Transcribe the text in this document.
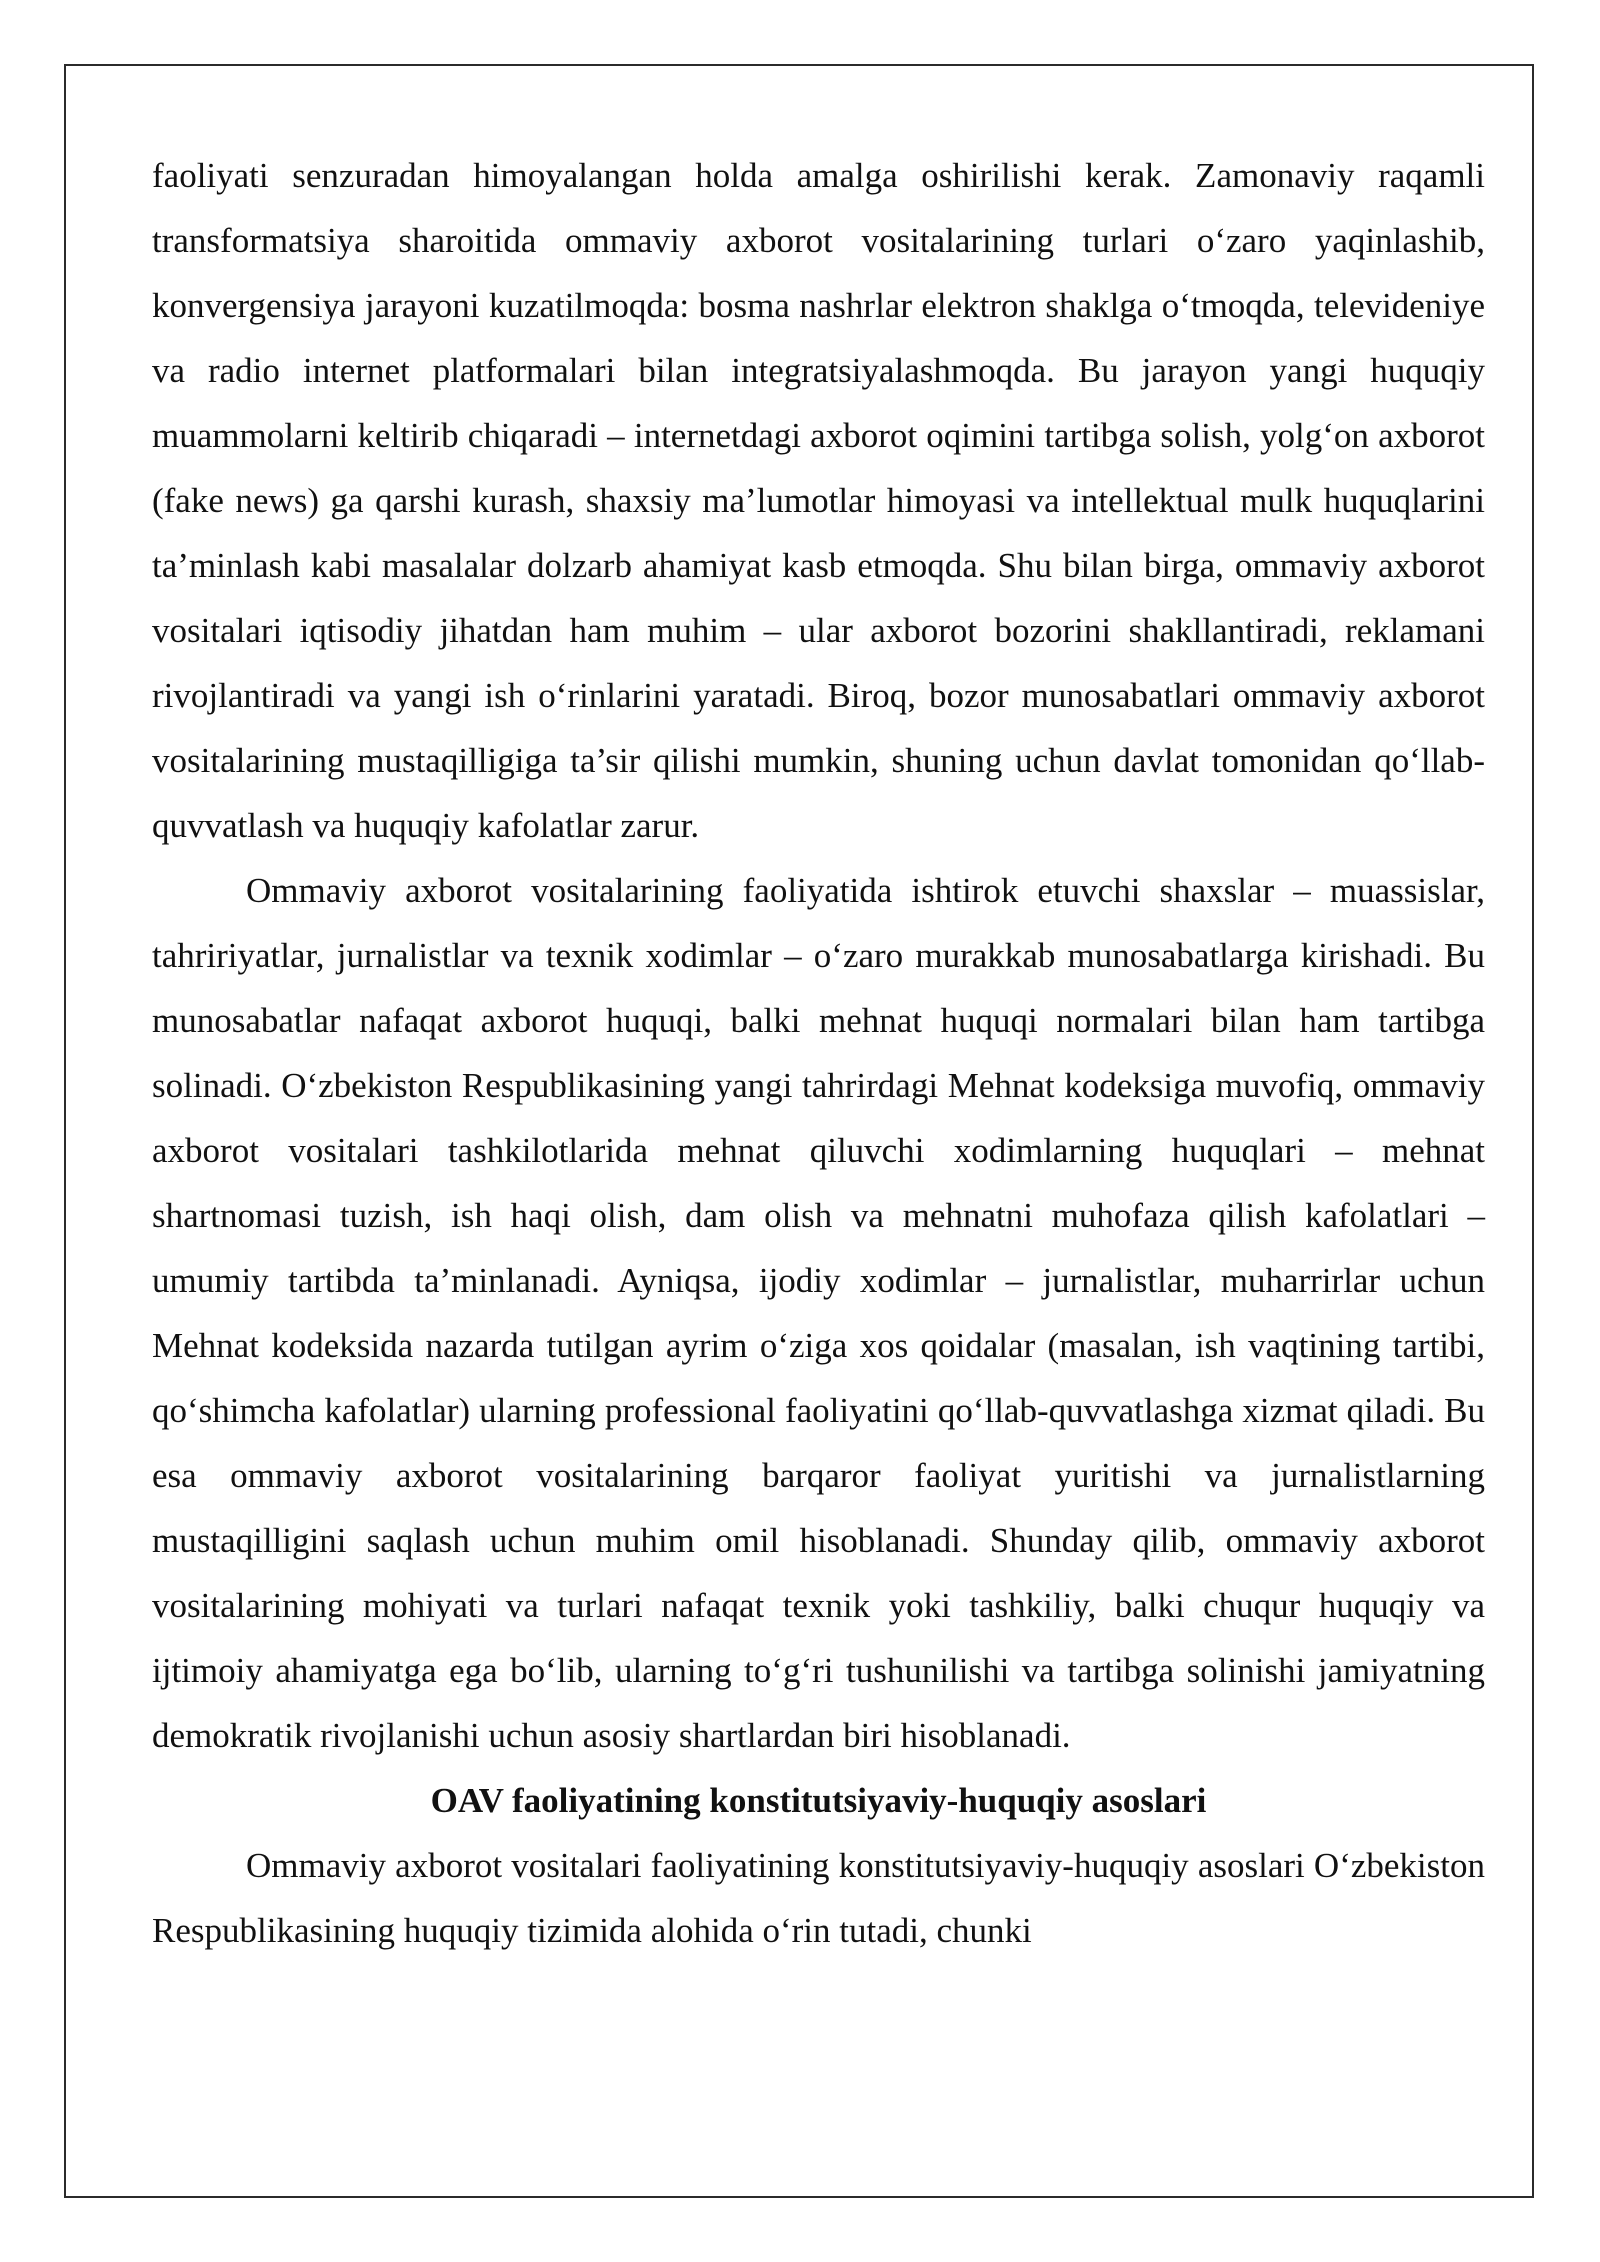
faoliyati senzuradan himoyalangan holda amalga oshirilishi kerak. Zamonaviy raqamli transformatsiya sharoitida ommaviy axborot vositalarining turlari o‘zaro yaqinlashib, konvergensiya jarayoni kuzatilmoqda: bosma nashrlar elektron shaklga o‘tmoqda, televideniye va radio internet platformalari bilan integratsiyalashmoqda. Bu jarayon yangi huquqiy muammolarni keltirib chiqaradi – internetdagi axborot oqimini tartibga solish, yolg‘on axborot (fake news) ga qarshi kurash, shaxsiy ma’lumotlar himoyasi va intellektual mulk huquqlarini ta’minlash kabi masalalar dolzarb ahamiyat kasb etmoqda. Shu bilan birga, ommaviy axborot vositalari iqtisodiy jihatdan ham muhim – ular axborot bozorini shakllantiradi, reklamani rivojlantiradi va yangi ish o‘rinlarini yaratadi. Biroq, bozor munosabatlari ommaviy axborot vositalarining mustaqilligiga ta’sir qilishi mumkin, shuning uchun davlat tomonidan qo‘llab-quvvatlash va huquqiy kafolatlar zarur.

Ommaviy axborot vositalarining faoliyatida ishtirok etuvchi shaxslar – muassislar, tahririyatlar, jurnalistlar va texnik xodimlar – o‘zaro murakkab munosabatlarga kirishadi. Bu munosabatlar nafaqat axborot huquqi, balki mehnat huquqi normalari bilan ham tartibga solinadi. O‘zbekiston Respublikasining yangi tahrirdagi Mehnat kodeksiga muvofiq, ommaviy axborot vositalari tashkilotlarida mehnat qiluvchi xodimlarning huquqlari – mehnat shartnomasi tuzish, ish haqi olish, dam olish va mehnatni muhofaza qilish kafolatlari – umumiy tartibda ta’minlanadi. Ayniqsa, ijodiy xodimlar – jurnalistlar, muharrirlar uchun Mehnat kodeksida nazarda tutilgan ayrim o‘ziga xos qoidalar (masalan, ish vaqtining tartibi, qo‘shimcha kafolatlar) ularning professional faoliyatini qo‘llab-quvvatlashga xizmat qiladi. Bu esa ommaviy axborot vositalarining barqaror faoliyat yuritishi va jurnalistlarning mustaqilligini saqlash uchun muhim omil hisoblanadi. Shunday qilib, ommaviy axborot vositalarining mohiyati va turlari nafaqat texnik yoki tashkiliy, balki chuqur huquqiy va ijtimoiy ahamiyatga ega bo‘lib, ularning to‘g‘ri tushunilishi va tartibga solinishi jamiyatning demokratik rivojlanishi uchun asosiy shartlardan biri hisoblanadi.

OAV faoliyatining konstitutsiyaviy-huquqiy asoslari

Ommaviy axborot vositalari faoliyatining konstitutsiyaviy-huquqiy asoslari O‘zbekiston Respublikasining huquqiy tizimida alohida o‘rin tutadi, chunki
